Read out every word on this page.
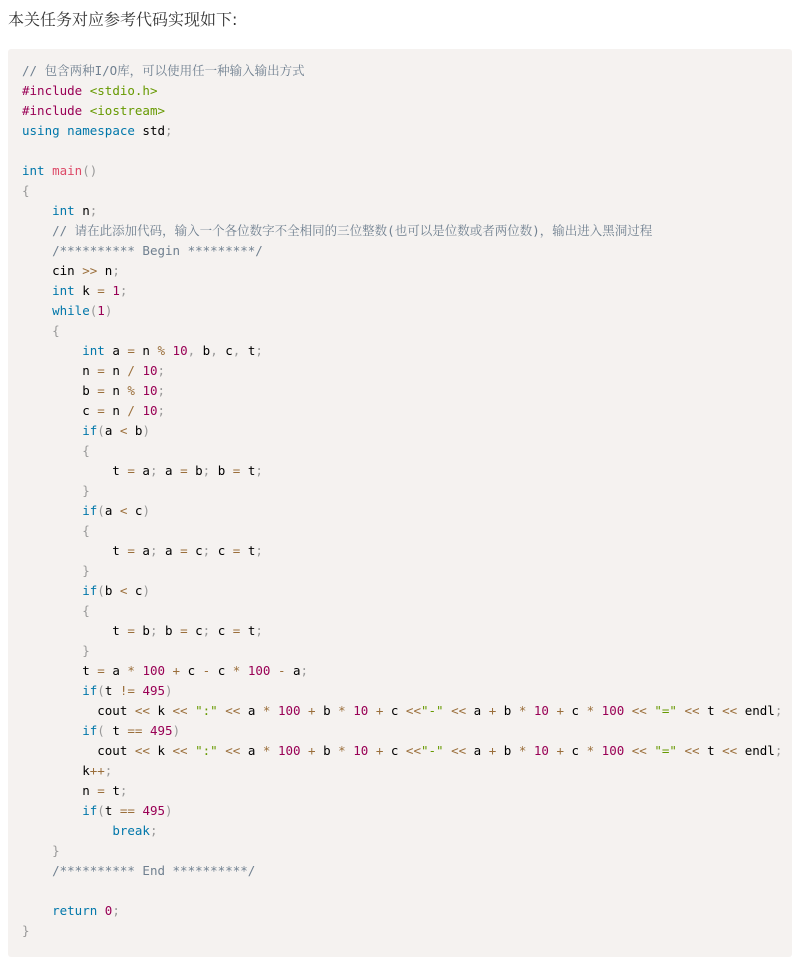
本关任务对应参考代码实现如下:
// 包含两种I/O库，可以使用任一种输入输出方式
#include <stdio.h>
#include <iostream>
using namespace std;
int main()
{
int n;
// 请在此添加代码，输入一个各位数字不全相同的三位整数(也可以是位数或者两位数)，输出进入黑洞过程
/********** Begin *********/
cin >> n;
int k = 1;
while(1)
{
int a = n % 10, b, c, t;
n = n / 10;
b = n % 10;
c = n / 10;
if(a < b)
{
t = a; a = b; b = t;
}
if(a < c)
{
t = a; a = c; c = t;
}
if(b < c)
{
t = b; b = c; c = t;
}
t = a * 100 + c - c * 100 - a;
if(t != 495)
cout << k << ":" << a * 100 + b * 10 + c <<"-" << a + b * 10 + c * 100 << "=" << t << endl;
if( t == 495)
cout << k << ":" << a * 100 + b * 10 + c <<"-" << a + b * 10 + c * 100 << "=" << t << endl;
k++;
n = t;
if(t == 495)
break;
}
/********** End **********/
return 0;
}
